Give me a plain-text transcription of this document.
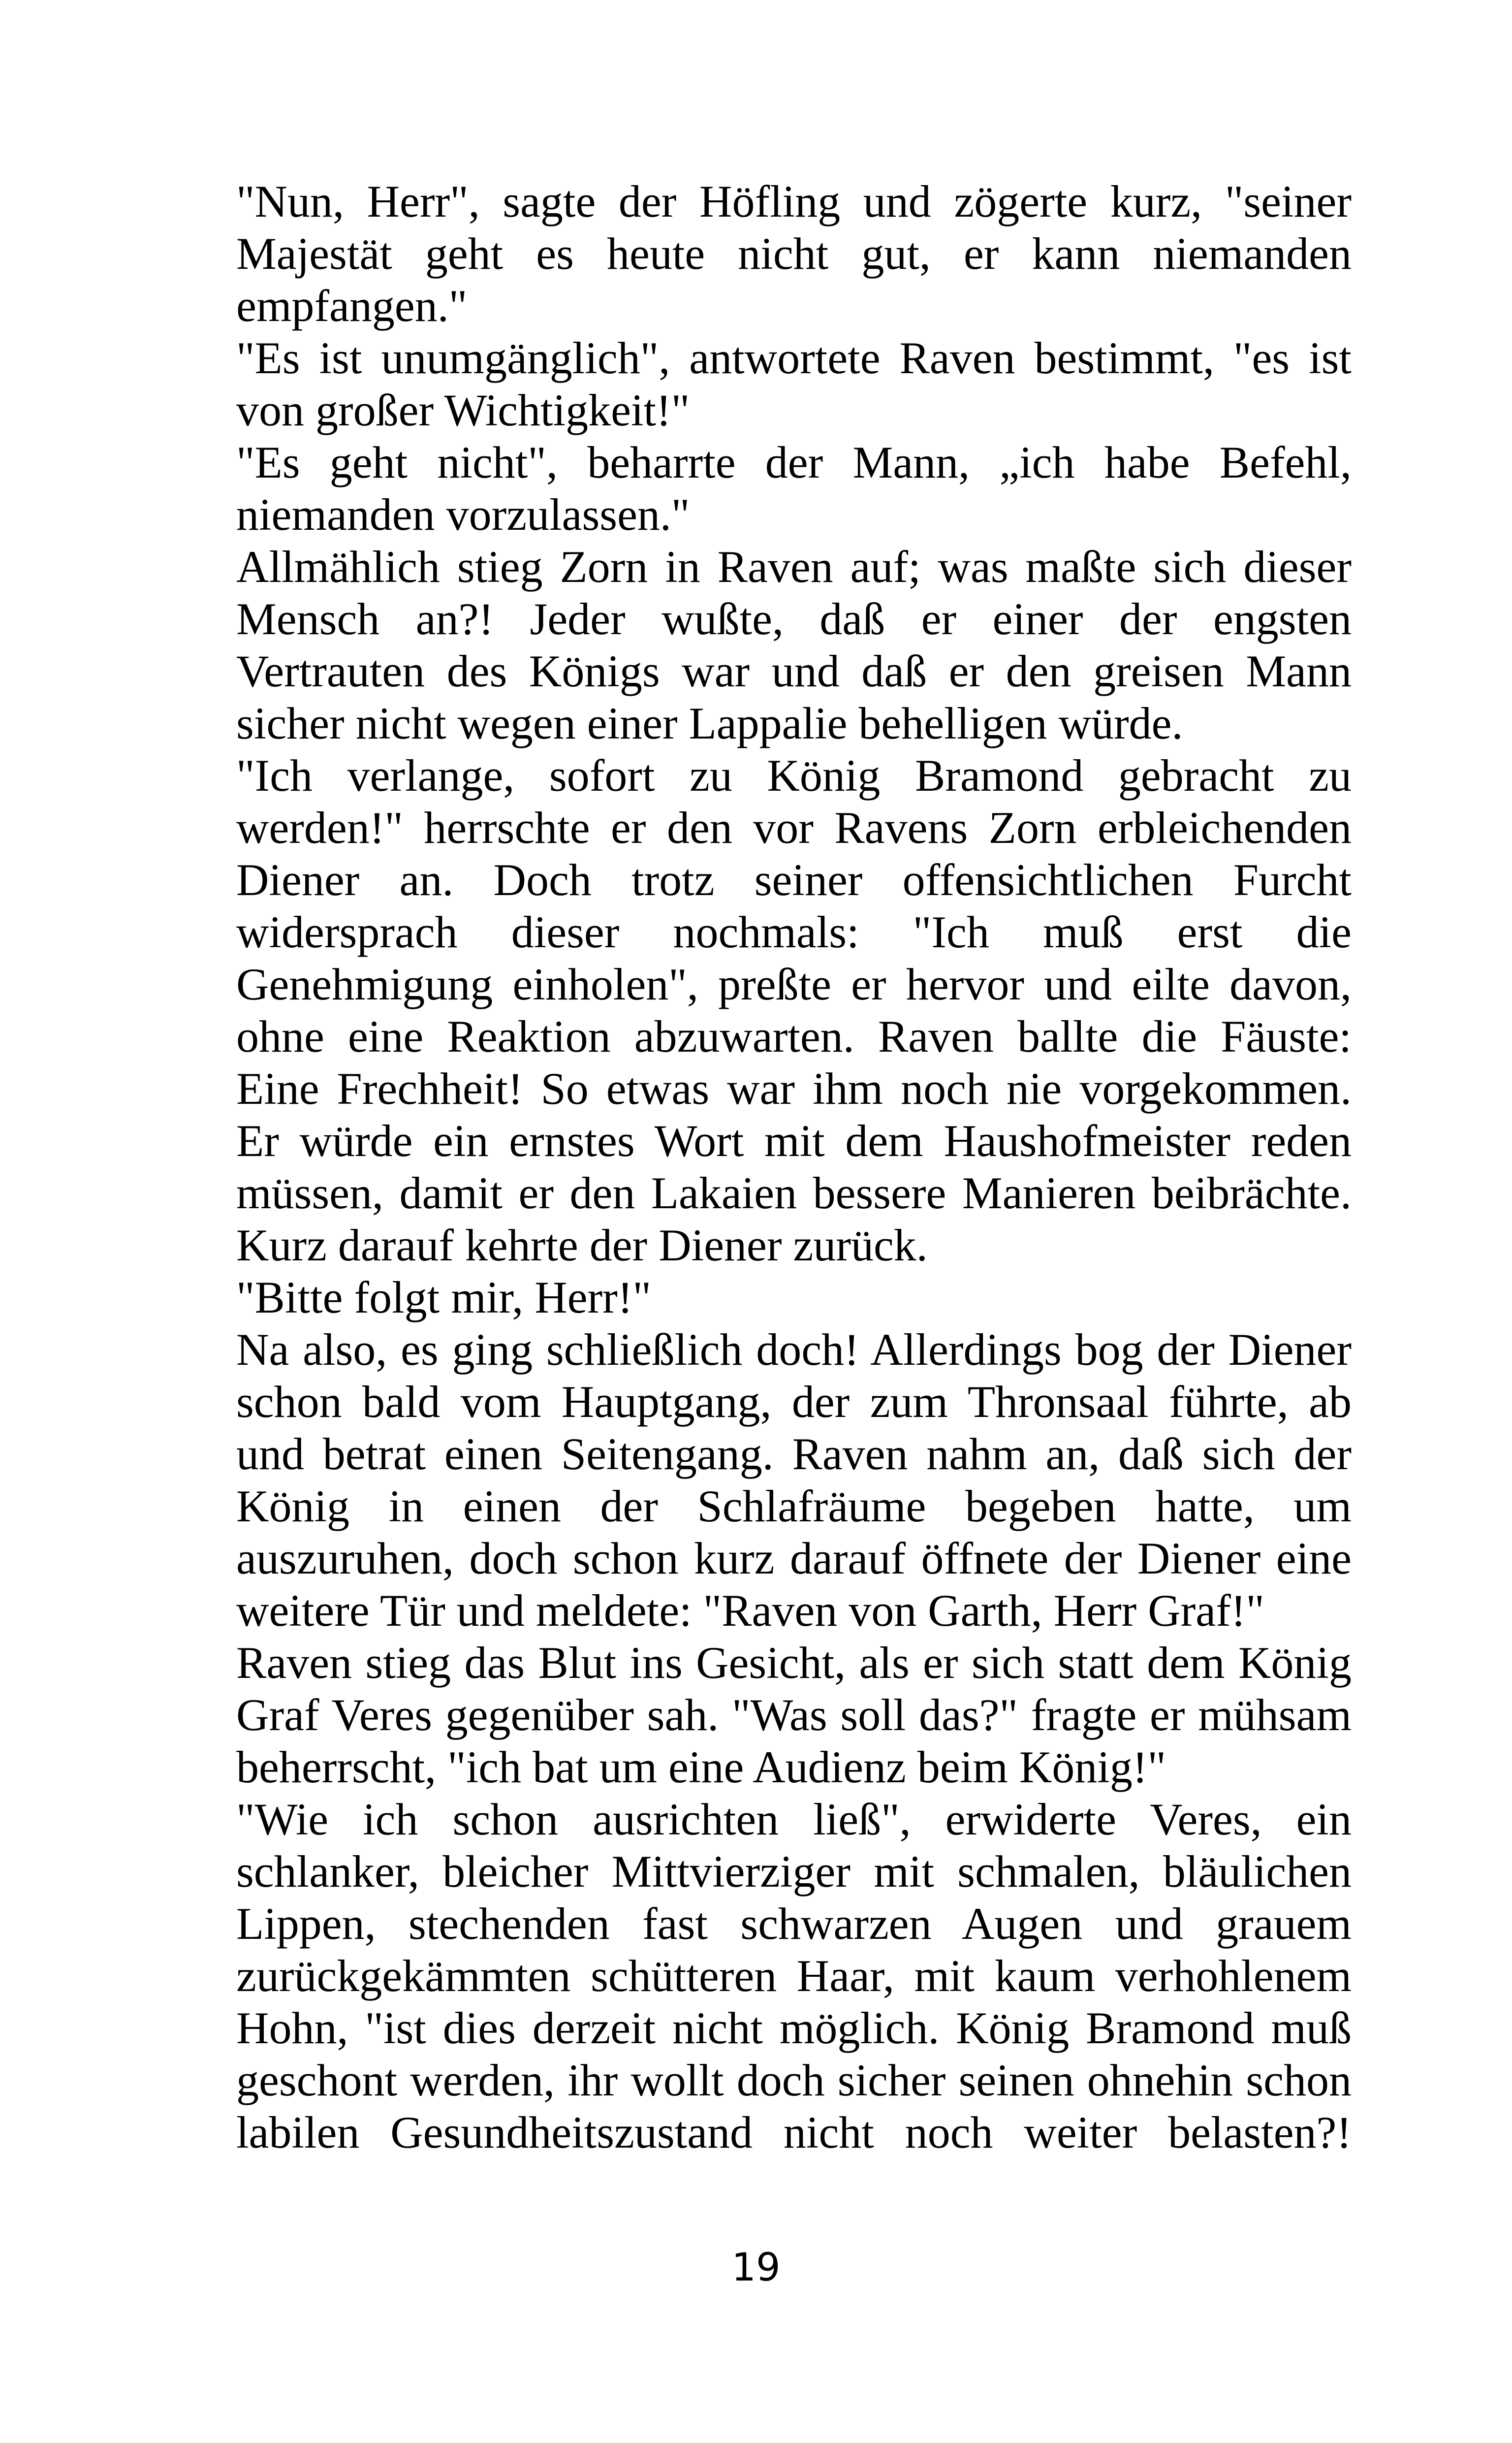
"Nun, Herr", sagte der Höfling und zögerte kurz, "seiner Majestät geht es heute nicht gut, er kann niemanden empfangen."

"Es ist unumgänglich", antwortete Raven bestimmt, "es ist von großer Wichtigkeit!"

"Es geht nicht", beharrte der Mann, „ich habe Befehl, niemanden vorzulassen."

Allmählich stieg Zorn in Raven auf; was maßte sich dieser Mensch an?! Jeder wußte, daß er einer der engsten Vertrauten des Königs war und daß er den greisen Mann sicher nicht wegen einer Lappalie behelligen würde.

"Ich verlange, sofort zu König Bramond gebracht zu werden!" herrschte er den vor Ravens Zorn erbleichenden Diener an. Doch trotz seiner offensichtlichen Furcht widersprach dieser nochmals: "Ich muß erst die Genehmigung einholen", preßte er hervor und eilte davon, ohne eine Reaktion abzuwarten. Raven ballte die Fäuste: Eine Frechheit! So etwas war ihm noch nie vorgekommen. Er würde ein ernstes Wort mit dem Haushofmeister reden müssen, damit er den Lakaien bessere Manieren beibrächte. Kurz darauf kehrte der Diener zurück.

"Bitte folgt mir, Herr!"

Na also, es ging schließlich doch! Allerdings bog der Diener schon bald vom Hauptgang, der zum Thronsaal führte, ab und betrat einen Seitengang. Raven nahm an, daß sich der König in einen der Schlafräume begeben hatte, um auszuruhen, doch schon kurz darauf öffnete der Diener eine weitere Tür und meldete: "Raven von Garth, Herr Graf!"

Raven stieg das Blut ins Gesicht, als er sich statt dem König Graf Veres gegenüber sah. "Was soll das?" fragte er mühsam beherrscht, "ich bat um eine Audienz beim König!"

"Wie ich schon ausrichten ließ", erwiderte Veres, ein schlanker, bleicher Mittvierziger mit schmalen, bläulichen Lippen, stechenden fast schwarzen Augen und grauem zurückgekämmten schütteren Haar, mit kaum verhohlenem Hohn, "ist dies derzeit nicht möglich. König Bramond muß geschont werden, ihr wollt doch sicher seinen ohnehin schon labilen Gesundheitszustand nicht noch weiter belasten?!

19
